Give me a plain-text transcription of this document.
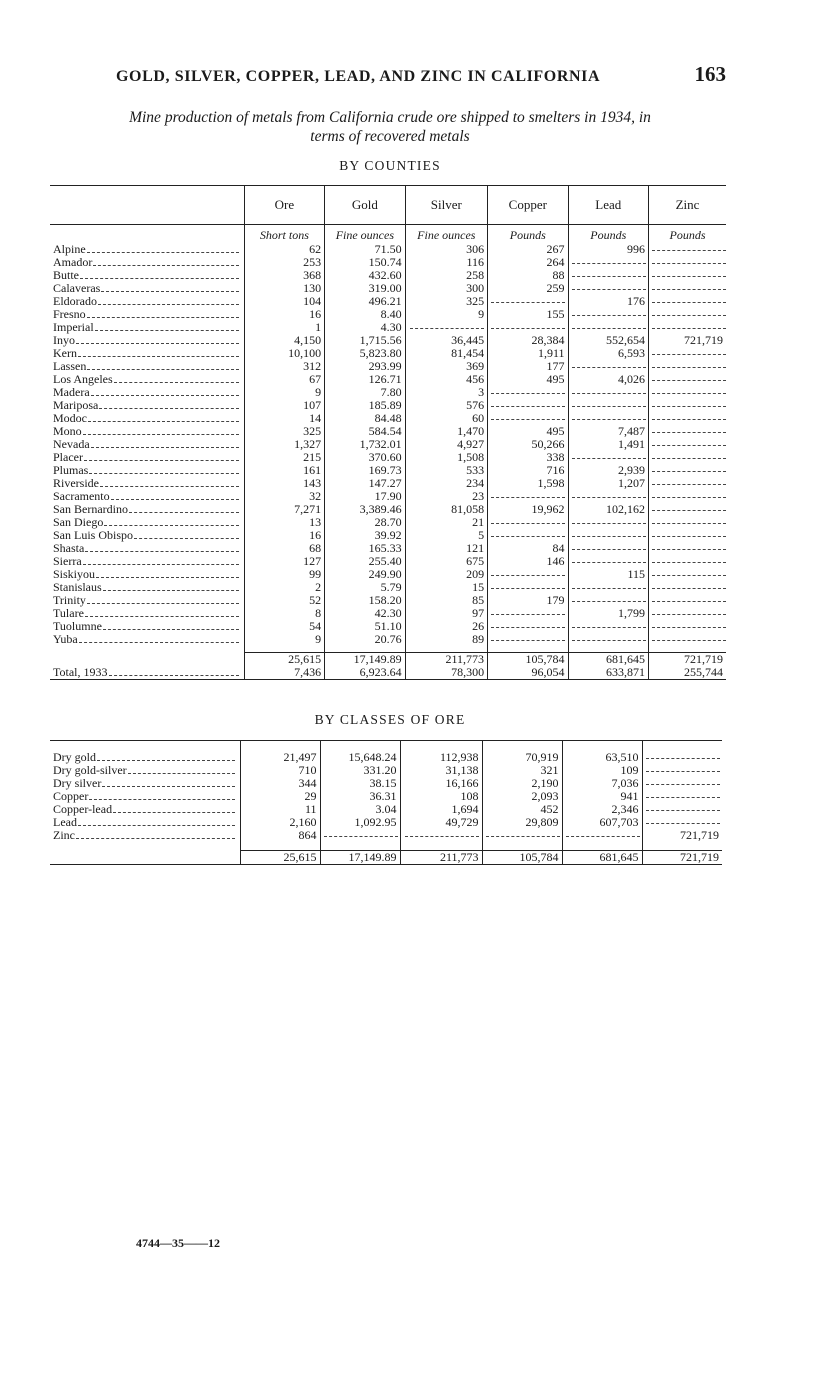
GOLD, SILVER, COPPER, LEAD, AND ZINC IN CALIFORNIA	163
Mine production of metals from California crude ore shipped to smelters in 1934, in
terms of recovered metals
BY COUNTIES
	Ore	Gold	Silver	Copper	Lead	Zinc
	Short tons	Fine ounces	Fine ounces	Pounds	Pounds	Pounds

Alpine	62	71.50	306	267	996	

Amador	253	150.74	116	264		

Butte	368	432.60	258	88		

Calaveras	130	319.00	300	259		

Eldorado	104	496.21	325		176	

Fresno	16	8.40	9	155		

Imperial	1	4.30				

Inyo	4,150	1,715.56	36,445	28,384	552,654	721,719

Kern	10,100	5,823.80	81,454	1,911	6,593	

Lassen	312	293.99	369	177		

Los Angeles	67	126.71	456	495	4,026	

Madera	9	7.80	3			

Mariposa	107	185.89	576			

Modoc	14	84.48	60			

Mono	325	584.54	1,470	495	7,487	

Nevada	1,327	1,732.01	4,927	50,266	1,491	

Placer	215	370.60	1,508	338		

Plumas	161	169.73	533	716	2,939	

Riverside	143	147.27	234	1,598	1,207	

Sacramento	32	17.90	23			

San Bernardino	7,271	3,389.46	81,058	19,962	102,162	

San Diego	13	28.70	21			

San Luis Obispo	16	39.92	5			

Shasta	68	165.33	121	84		

Sierra	127	255.40	675	146		

Siskiyou	99	249.90	209		115	

Stanislaus	2	5.79	15			

Trinity	52	158.20	85	179		

Tulare	8	42.30	97		1,799	

Tuolumne	54	51.10	26			

Yuba	9	20.76	89			

	25,615	17,149.89	211,773	105,784	681,645	721,719

Total, 1933	7,436	6,923.64	78,300	96,054	633,871	255,744
BY CLASSES OF ORE

Dry gold	21,497	15,648.24	112,938	70,919	63,510	

Dry gold-silver	710	331.20	31,138	321	109	

Dry silver	344	38.15	16,166	2,190	7,036	

Copper	29	36.31	108	2,093	941	

Copper-lead	11	3.04	1,694	452	2,346	

Lead	2,160	1,092.95	49,729	29,809	607,703	

Zinc	864					721,719

	25,615	17,149.89	211,773	105,784	681,645	721,719
4744—35——12
